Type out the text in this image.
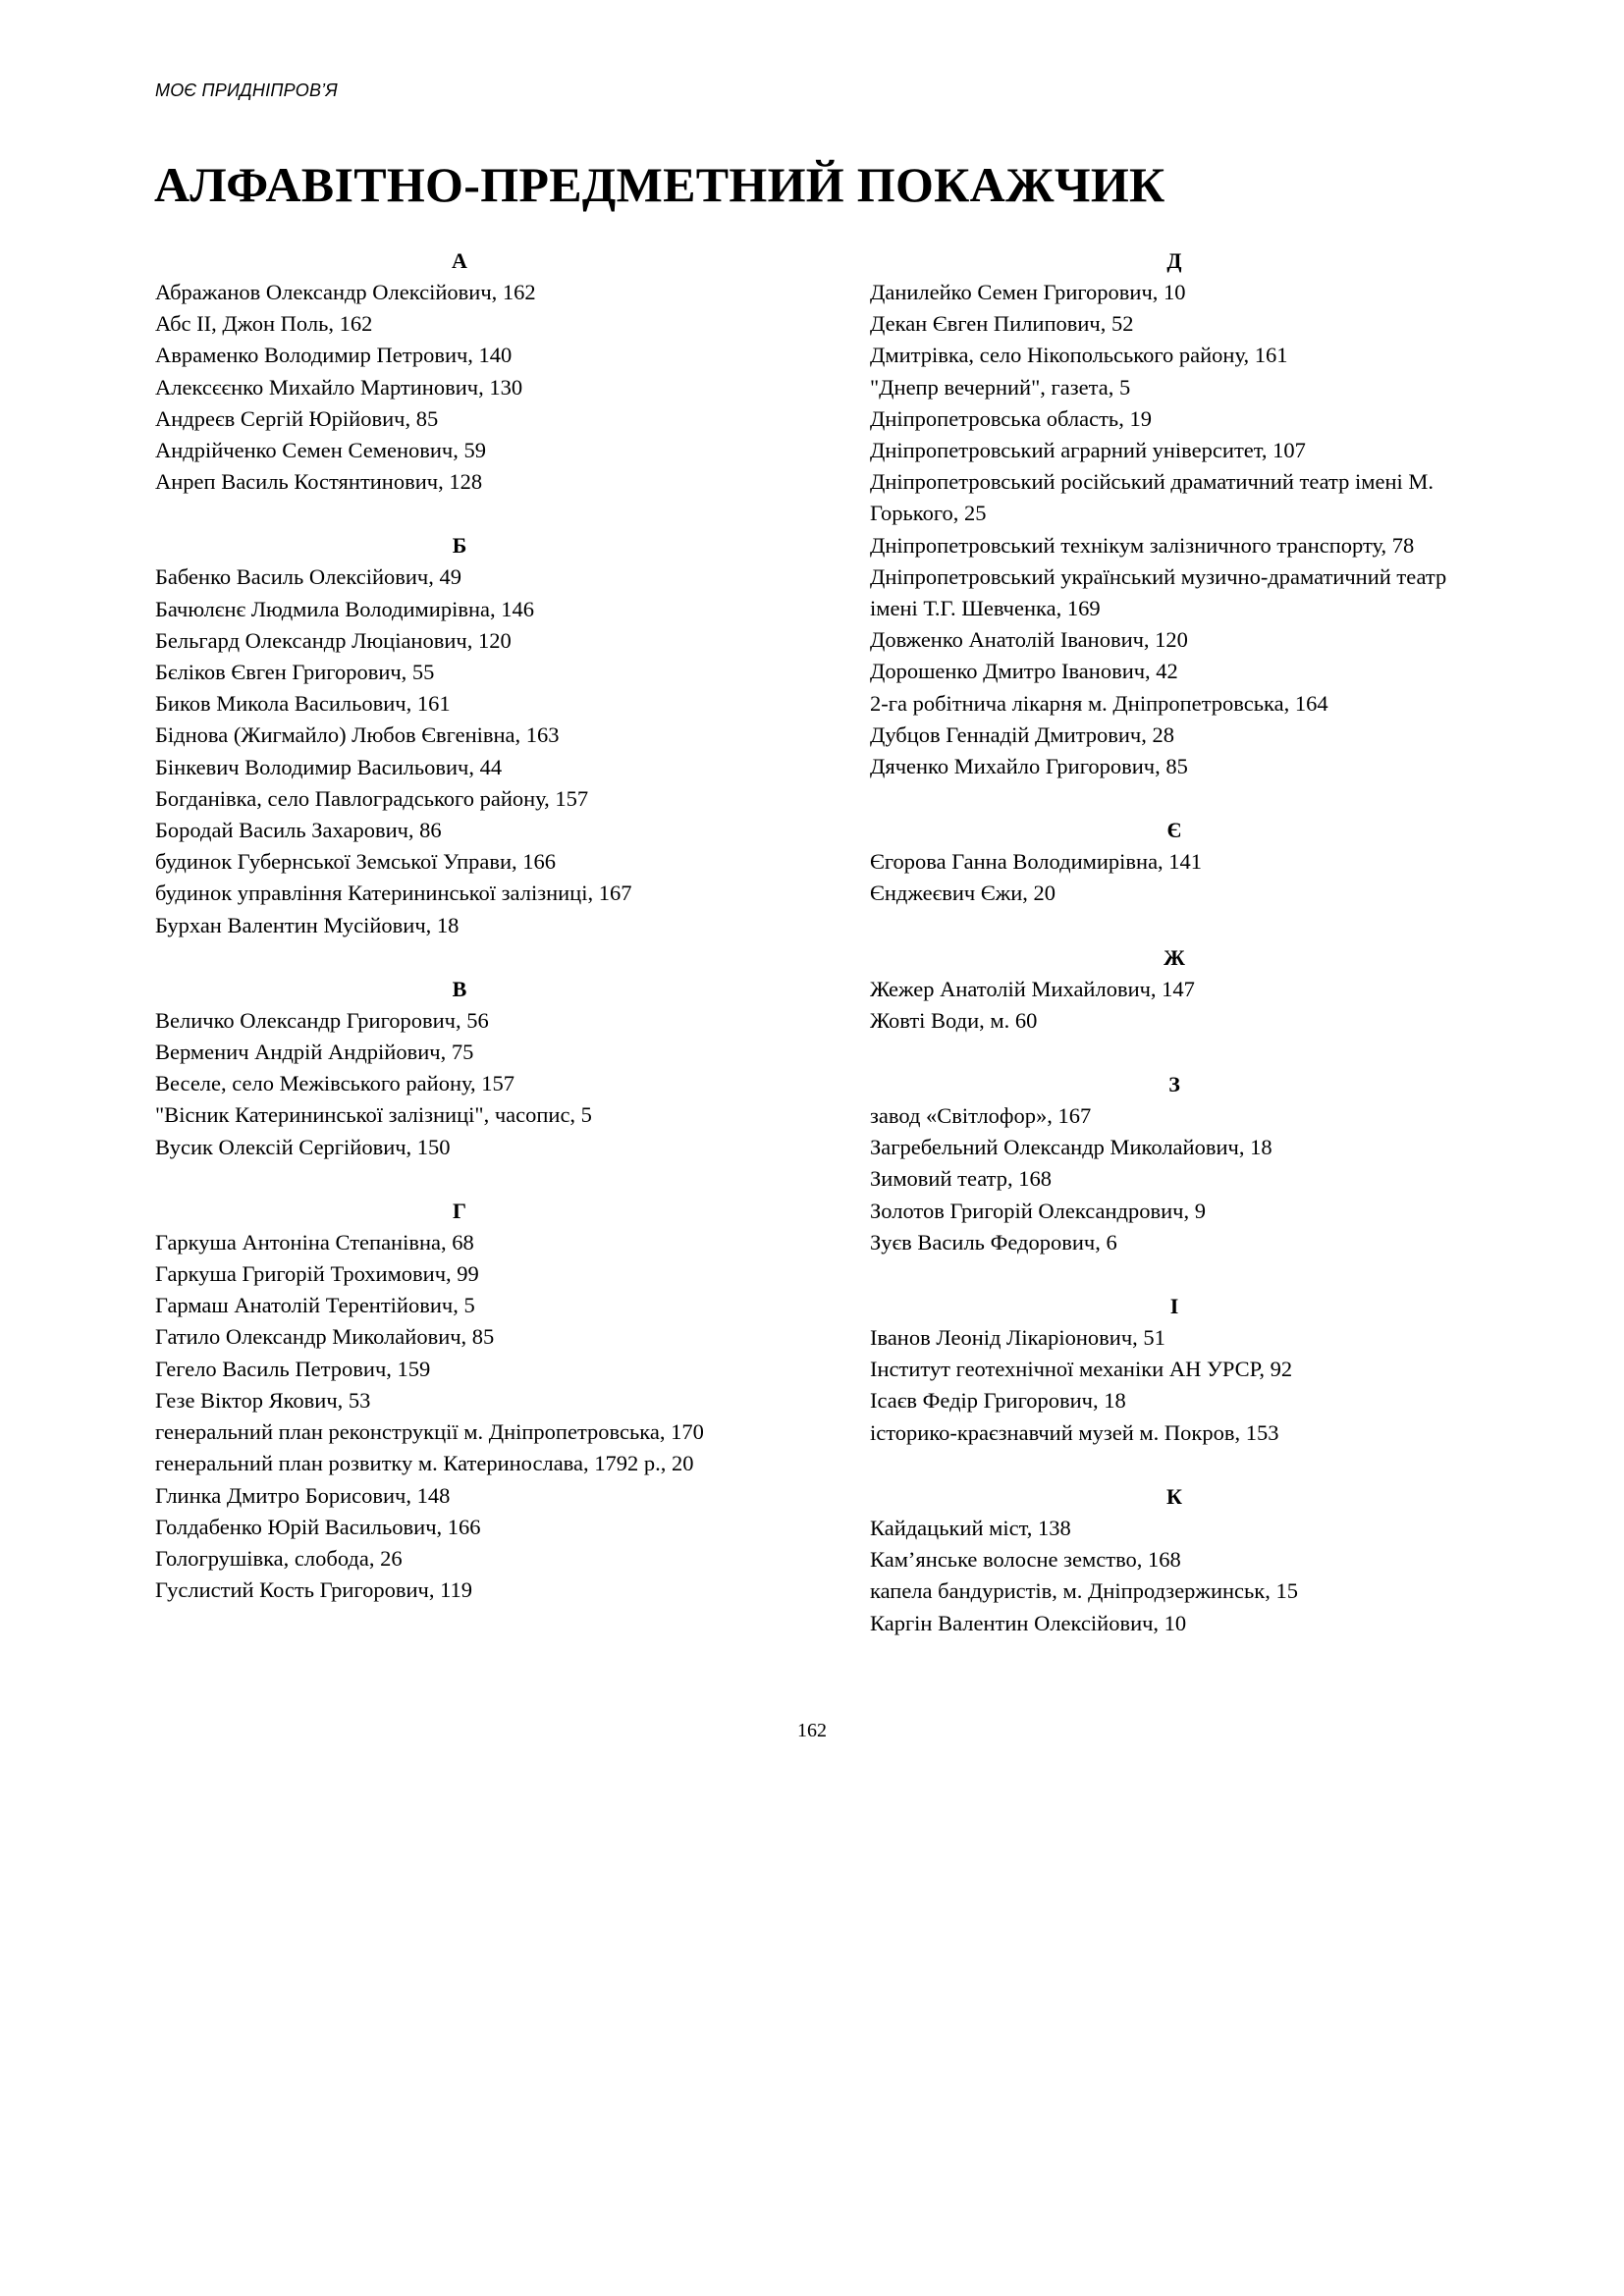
МОЄ ПРИДНІПРОВ’Я

АЛФАВІТНО-ПРЕДМЕТНИЙ ПОКАЖЧИК
А
Абражанов Олександр Олексійович, 162
Абс II, Джон Поль, 162
Авраменко Володимир Петрович, 140
Алексєєнко Михайло Мартинович, 130
Андреєв Сергій Юрійович, 85
Андрійченко Семен Семенович, 59
Анреп Василь Костянтинович, 128
Б
Бабенко Василь Олексійович, 49
Бачюлєнє Людмила Володимирівна, 146
Бельгард Олександр Люціанович, 120
Бєліков Євген Григорович, 55
Биков Микола Васильович, 161
Біднова (Жигмайло) Любов Євгенівна, 163
Бінкевич Володимир Васильович, 44
Богданівка, село Павлоградського району, 157
Бородай Василь Захарович, 86
будинок Губернської Земської Управи, 166
будинок управління Катерининської залізниці, 167
Бурхан Валентин Мусійович, 18
В
Величко Олександр Григорович, 56
Верменич Андрій Андрійович, 75
Веселе, село Межівського району, 157
"Вісник Катерининської залізниці", часопис, 5
Вусик Олексій Сергійович, 150
Г
Гаркуша Антоніна Степанівна, 68
Гаркуша Григорій Трохимович, 99
Гармаш Анатолій Терентійович, 5
Гатило Олександр Миколайович, 85
Гегело Василь Петрович, 159
Гезе Віктор Якович, 53
генеральний план реконструкції м. Дніпропетровська, 170
генеральний план розвитку м. Катеринослава, 1792 р., 20
Глинка Дмитро Борисович, 148
Голдабенко Юрій Васильович, 166
Гологрушівка, слобода, 26
Гуслистий Кость Григорович, 119
Д
Данилейко Семен Григорович, 10
Декан Євген Пилипович, 52
Дмитрівка, село Нікопольського району, 161
"Днепр вечерний", газета, 5
Дніпропетровська область, 19
Дніпропетровський аграрний університет, 107
Дніпропетровський російський драматичний театр імені М. Горького, 25
Дніпропетровський технікум залізничного транспорту, 78
Дніпропетровський український музично-драматичний театр імені Т.Г. Шевченка, 169
Довженко Анатолій Іванович, 120
Дорошенко Дмитро Іванович, 42
2-га робітнича лікарня м. Дніпропетровська, 164
Дубцов Геннадій Дмитрович, 28
Дяченко Михайло Григорович, 85
Є
Єгорова Ганна Володимирівна, 141
Єнджеєвич Єжи, 20
Ж
Жежер Анатолій Михайлович, 147
Жовті Води, м. 60
З
завод «Світлофор», 167
Загребельний Олександр Миколайович, 18
Зимовий театр, 168
Золотов Григорій Олександрович, 9
Зуєв Василь Федорович, 6
І
Іванов Леонід Лікаріонович, 51
Інститут геотехнічної механіки АН УРСР, 92
Ісаєв Федір Григорович, 18
історико-краєзнавчий музей м. Покров, 153
К
Кайдацький міст, 138
Кам’янське волосне земство, 168
капела бандуристів, м. Дніпродзержинськ, 15
Каргін Валентин Олексійович, 10

162
